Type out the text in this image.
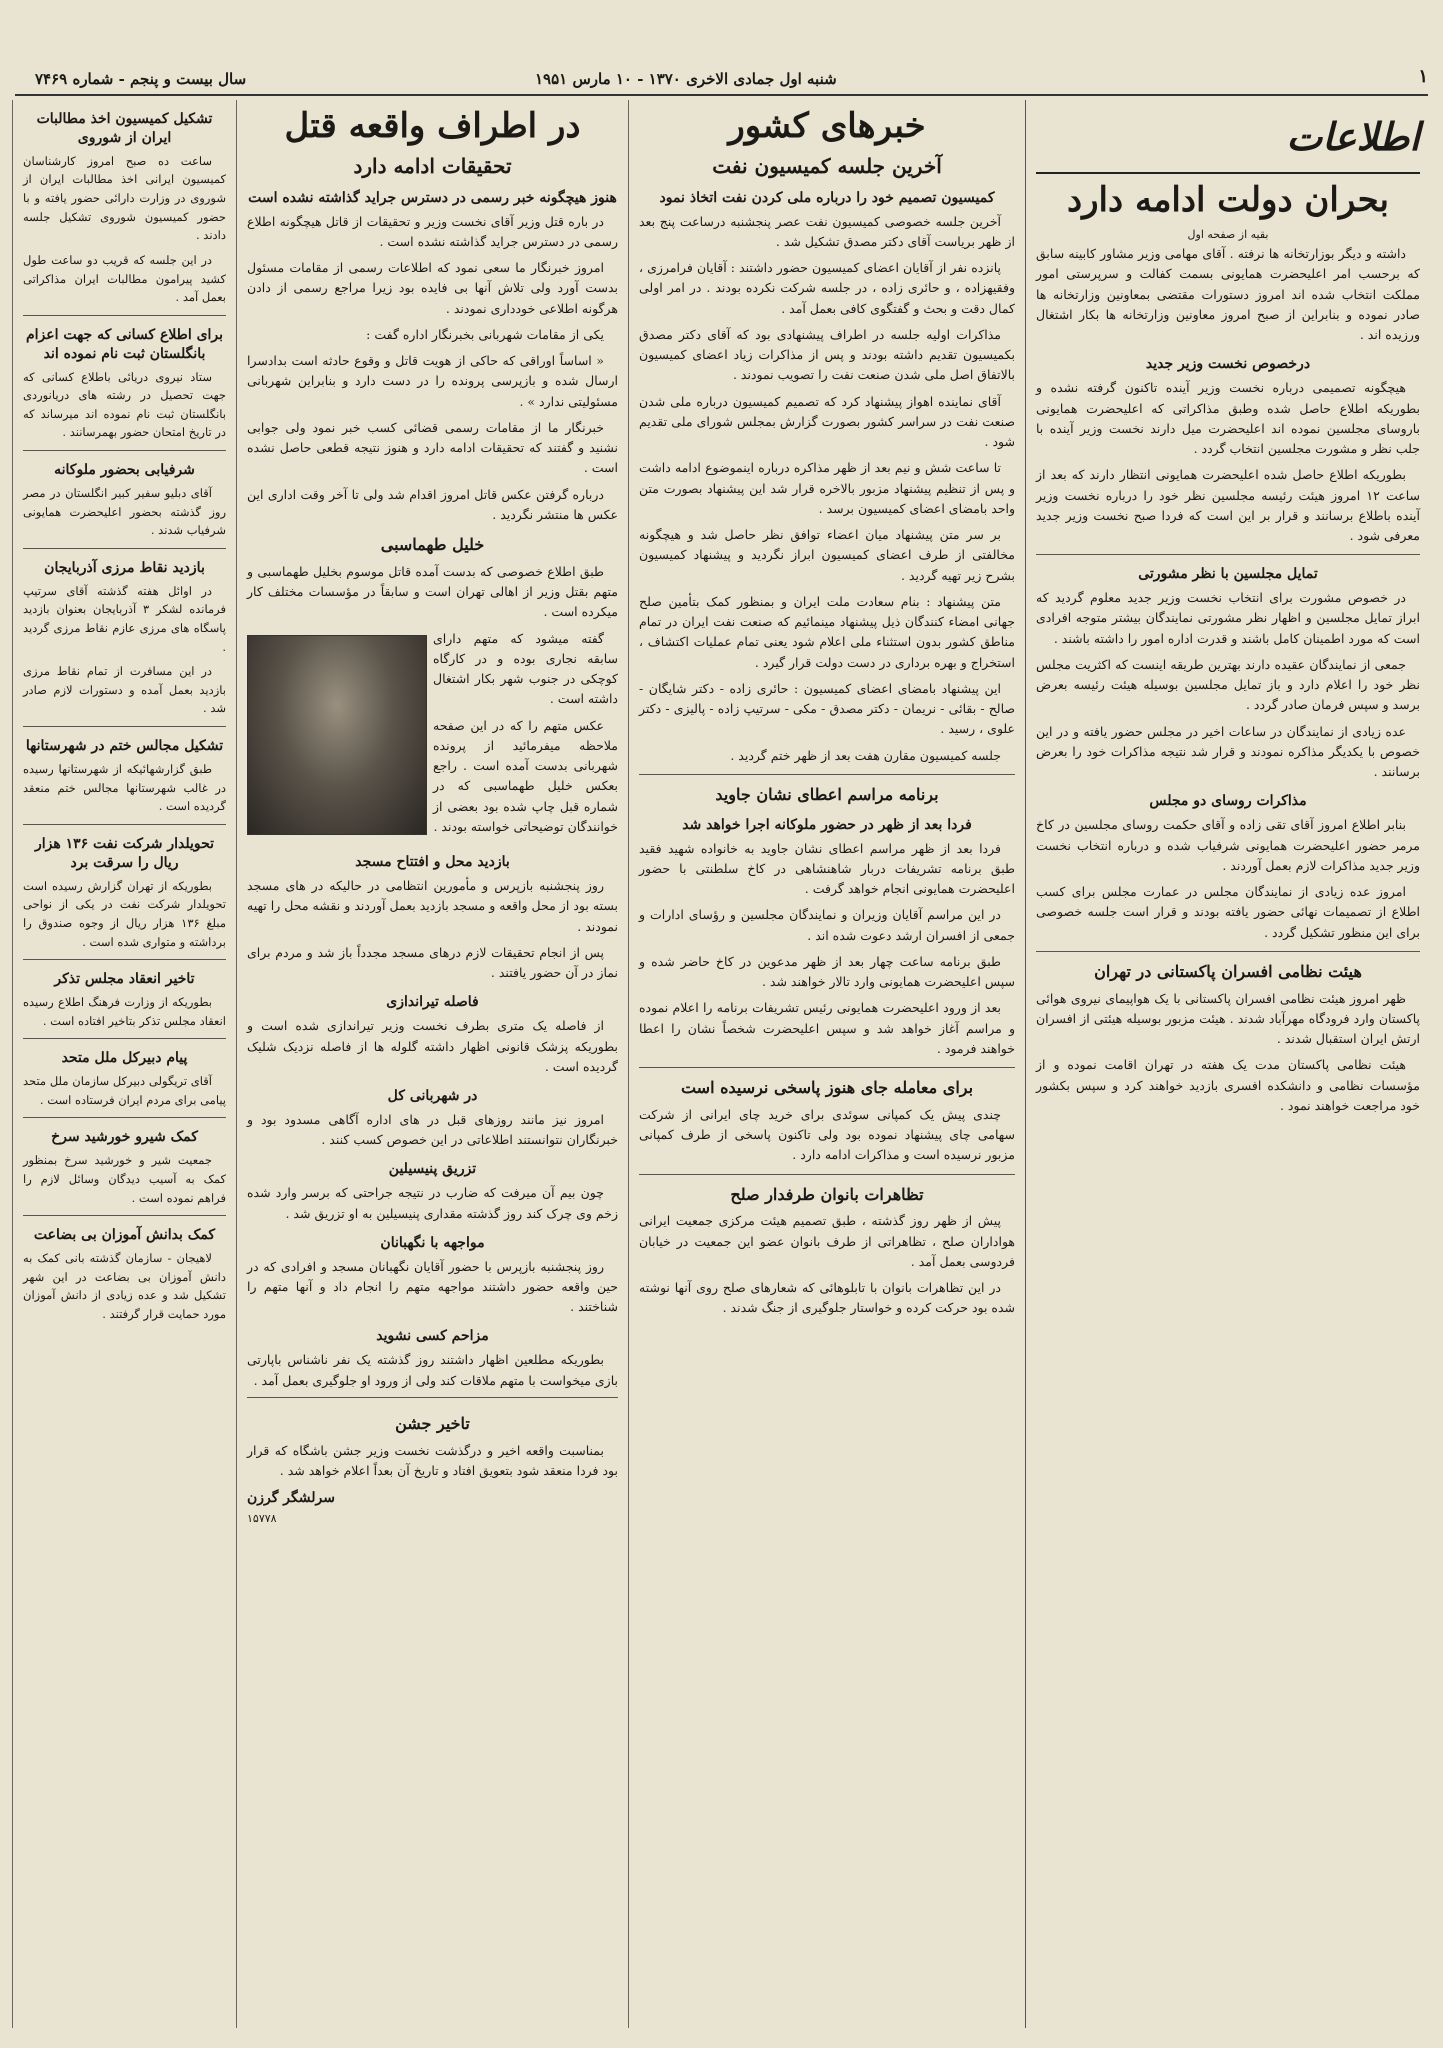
۱
شنبه اول جمادی الاخری ۱۳۷۰ - ۱۰ مارس ۱۹۵۱
سال بیست و پنجم - شماره ۷۴۶۹
اطلاعات
بحران دولت ادامه دارد
بقیه از صفحه اول

داشته و دیگر بوزارتخانه ها نرفته . آقای مهامی وزیر مشاور کابینه سابق که برحسب امر اعلیحضرت همایونی بسمت کفالت و سرپرستی امور مملکت انتخاب شده اند امروز دستورات مقتضی بمعاونین وزارتخانه ها صادر نموده و بنابراین از صبح امروز معاونین وزارتخانه ها بکار اشتغال ورزیده اند .

درخصوص نخست وزیر جدید

هیچگونه تصمیمی درباره نخست وزیر آینده تاکنون گرفته نشده و بطوریکه اطلاع حاصل شده وطبق مذاکراتی که اعلیحضرت همایونی باروسای مجلسین نموده اند اعلیحضرت میل دارند نخست وزیر آینده با جلب نظر و مشورت مجلسین انتخاب گردد .

بطوریکه اطلاع حاصل شده اعلیحضرت همایونی انتظار دارند که بعد از ساعت ۱۲ امروز هیئت رئیسه مجلسین نظر خود را درباره نخست وزیر آینده باطلاع برسانند و قرار بر این است که فردا صبح نخست وزیر جدید معرفی شود .

تمایل مجلسین با نظر مشورتی

در خصوص مشورت برای انتخاب نخست وزیر جدید معلوم گردید که ابراز تمایل مجلسین و اظهار نظر مشورتی نمایندگان بیشتر متوجه افرادی است که مورد اطمینان کامل باشند و قدرت اداره امور را داشته باشند .

جمعی از نمایندگان عقیده دارند بهترین طریقه اینست که اکثریت مجلس نظر خود را اعلام دارد و باز تمایل مجلسین بوسیله هیئت رئیسه بعرض برسد و سپس فرمان صادر گردد .

عده زیادی از نمایندگان در ساعات اخیر در مجلس حضور یافته و در این خصوص با یکدیگر مذاکره نمودند و قرار شد نتیجه مذاکرات خود را بعرض برسانند .

مذاکرات روسای دو مجلس

بنابر اطلاع امروز آقای تقی زاده و آقای حکمت روسای مجلسین در کاخ مرمر حضور اعلیحضرت همایونی شرفیاب شده و درباره انتخاب نخست وزیر جدید مذاکرات لازم بعمل آوردند .

امروز عده زیادی از نمایندگان مجلس در عمارت مجلس برای کسب اطلاع از تصمیمات نهائی حضور یافته بودند و قرار است جلسه خصوصی برای این منظور تشکیل گردد .

هیئت نظامی افسران پاکستانی در تهران

ظهر امروز هیئت نظامی افسران پاکستانی با یک هواپیمای نیروی هوائی پاکستان وارد فرودگاه مهرآباد شدند . هیئت مزبور بوسیله هیئتی از افسران ارتش ایران استقبال شدند .

هیئت نظامی پاکستان مدت یک هفته در تهران اقامت نموده و از مؤسسات نظامی و دانشکده افسری بازدید خواهند کرد و سپس بکشور خود مراجعت خواهند نمود .

خبرهای کشور
آخرین جلسه کمیسیون نفت
کمیسیون تصمیم خود را درباره ملی کردن نفت اتخاذ نمود

آخرین جلسه خصوصی کمیسیون نفت عصر پنجشنبه درساعت پنج بعد از ظهر بریاست آقای دکتر مصدق تشکیل شد .

پانزده نفر از آقایان اعضای کمیسیون حضور داشتند : آقایان فرامرزی ، وفقیهزاده ، و حائری زاده ، در جلسه شرکت نکرده بودند . در امر اولی کمال دقت و بحث و گفتگوی کافی بعمل آمد .

مذاکرات اولیه جلسه در اطراف پیشنهادی بود که آقای دکتر مصدق بکمیسیون تقدیم داشته بودند و پس از مذاکرات زیاد اعضای کمیسیون بالاتفاق اصل ملی شدن صنعت نفت را تصویب نمودند .

آقای نماینده اهواز پیشنهاد کرد که تصمیم کمیسیون درباره ملی شدن صنعت نفت در سراسر کشور بصورت گزارش بمجلس شورای ملی تقدیم شود .

تا ساعت شش و نیم بعد از ظهر مذاکره درباره اینموضوع ادامه داشت و پس از تنظیم پیشنهاد مزبور بالاخره قرار شد این پیشنهاد بصورت متن واحد بامضای اعضای کمیسیون برسد .

بر سر متن پیشنهاد میان اعضاء توافق نظر حاصل شد و هیچگونه مخالفتی از طرف اعضای کمیسیون ابراز نگردید و پیشنهاد کمیسیون بشرح زیر تهیه گردید .

متن پیشنهاد : بنام سعادت ملت ایران و بمنظور کمک بتأمین صلح جهانی امضاء کنندگان ذیل پیشنهاد مینمائیم که صنعت نفت ایران در تمام مناطق کشور بدون استثناء ملی اعلام شود یعنی تمام عملیات اکتشاف ، استخراج و بهره برداری در دست دولت قرار گیرد .

این پیشنهاد بامضای اعضای کمیسیون : حائری زاده - دکتر شایگان - صالح - بقائی - نریمان - دکتر مصدق - مکی - سرتیپ زاده - پالیزی - دکتر علوی ، رسید .

جلسه کمیسیون مقارن هفت بعد از ظهر ختم گردید .

برنامه مراسم اعطای نشان جاوید
فردا بعد از ظهر در حضور ملوکانه اجرا خواهد شد

فردا بعد از ظهر مراسم اعطای نشان جاوید به خانواده شهید فقید طبق برنامه تشریفات دربار شاهنشاهی در کاخ سلطنتی با حضور اعلیحضرت همایونی انجام خواهد گرفت .

در این مراسم آقایان وزیران و نمایندگان مجلسین و رؤسای ادارات و جمعی از افسران ارشد دعوت شده اند .

طبق برنامه ساعت چهار بعد از ظهر مدعوین در کاخ حاضر شده و سپس اعلیحضرت همایونی وارد تالار خواهند شد .

بعد از ورود اعلیحضرت همایونی رئیس تشریفات برنامه را اعلام نموده و مراسم آغاز خواهد شد و سپس اعلیحضرت شخصاً نشان را اعطا خواهند فرمود .

برای معامله جای هنوز پاسخی نرسیده است

چندی پیش یک کمپانی سوئدی برای خرید چای ایرانی از شرکت سهامی چای پیشنهاد نموده بود ولی تاکنون پاسخی از طرف کمپانی مزبور نرسیده است و مذاکرات ادامه دارد .

تظاهرات بانوان طرفدار صلح

پیش از ظهر روز گذشته ، طبق تصمیم هیئت مرکزی جمعیت ایرانی هواداران صلح ، تظاهراتی از طرف بانوان عضو این جمعیت در خیابان فردوسی بعمل آمد .

در این تظاهرات بانوان با تابلوهائی که شعارهای صلح روی آنها نوشته شده بود حرکت کرده و خواستار جلوگیری از جنگ شدند .

در اطراف واقعه قتل
تحقیقات ادامه دارد
هنوز هیچگونه خبر رسمی در دسترس جراید گذاشته نشده است

در باره قتل وزیر آقای نخست وزیر و تحقیقات از قاتل هیچگونه اطلاع رسمی در دسترس جراید گذاشته نشده است .

امروز خبرنگار ما سعی نمود که اطلاعات رسمی از مقامات مسئول بدست آورد ولی تلاش آنها بی فایده بود زیرا مراجع رسمی از دادن هرگونه اطلاعی خودداری نمودند .

یکی از مقامات شهربانی بخبرنگار اداره گفت :

« اساساً اوراقی که حاکی از هویت قاتل و وقوع حادثه است بدادسرا ارسال شده و بازپرسی پرونده را در دست دارد و بنابراین شهربانی مسئولیتی ندارد » .

خبرنگار ما از مقامات رسمی قضائی کسب خبر نمود ولی جوابی نشنید و گفتند که تحقیقات ادامه دارد و هنوز نتیجه قطعی حاصل نشده است .

درباره گرفتن عکس قاتل امروز اقدام شد ولی تا آخر وقت اداری این عکس ها منتشر نگردید .

خلیل طهماسبی

طبق اطلاع خصوصی که بدست آمده قاتل موسوم بخلیل طهماسبی و متهم بقتل وزیر از اهالی تهران است و سابقاً در مؤسسات مختلف کار میکرده است .

گفته میشود که متهم دارای سابقه نجاری بوده و در کارگاه کوچکی در جنوب شهر بکار اشتغال داشته است .

عکس متهم را که در این صفحه ملاحظه میفرمائید از پرونده شهربانی بدست آمده است . راجع بعکس خلیل طهماسبی که در شماره قبل چاپ شده بود بعضی از خوانندگان توضیحاتی خواسته بودند .

بازدید محل و افتتاح مسجد

روز پنجشنبه بازپرس و مأمورین انتظامی در حالیکه در های مسجد بسته بود از محل واقعه و مسجد بازدید بعمل آوردند و نقشه محل را تهیه نمودند .

پس از انجام تحقیقات لازم درهای مسجد مجدداً باز شد و مردم برای نماز در آن حضور یافتند .

فاصله تیراندازی

از فاصله یک متری بطرف نخست وزیر تیراندازی شده است و بطوریکه پزشک قانونی اظهار داشته گلوله ها از فاصله نزدیک شلیک گردیده است .

در شهربانی کل

امروز نیز مانند روزهای قبل در های اداره آگاهی مسدود بود و خبرنگاران نتوانستند اطلاعاتی در این خصوص کسب کنند .

تزریق پنیسیلین

چون بیم آن میرفت که ضارب در نتیجه جراحتی که برسر وارد شده زخم وی چرک کند روز گذشته مقداری پنیسیلین به او تزریق شد .

مواجهه با نگهبانان

روز پنجشنبه بازپرس با حضور آقایان نگهبانان مسجد و افرادی که در حین واقعه حضور داشتند مواجهه متهم را انجام داد و آنها متهم را شناختند .

مزاحم کسی نشوید

بطوریکه مطلعین اظهار داشتند روز گذشته یک نفر ناشناس باپارتی بازی میخواست با متهم ملاقات کند ولی از ورود او جلوگیری بعمل آمد .

تاخیر جشن

بمناسبت واقعه اخیر و درگذشت نخست وزیر جشن باشگاه که قرار بود فردا منعقد شود بتعویق افتاد و تاریخ آن بعداً اعلام خواهد شد .

سرلشگر گرزن
۱۵۷۷۸
تشکیل کمیسیون اخذ مطالبات ایران از شوروی

ساعت ده صبح امروز کارشناسان کمیسیون ایرانی اخذ مطالبات ایران از شوروی در وزارت دارائی حضور یافته و با حضور کمیسیون شوروی تشکیل جلسه دادند .

در این جلسه که قریب دو ساعت طول کشید پیرامون مطالبات ایران مذاکراتی بعمل آمد .

برای اطلاع کسانی که جهت اعزام بانگلستان ثبت نام نموده اند

ستاد نیروی دریائی باطلاع کسانی که جهت تحصیل در رشته های دریانوردی بانگلستان ثبت نام نموده اند میرساند که در تاریخ امتحان حضور بهمرسانند .

شرفیابی بحضور ملوکانه

آقای دبلیو سفیر کبیر انگلستان در مصر روز گذشته بحضور اعلیحضرت همایونی شرفیاب شدند .

بازدید نقاط مرزی آذربایجان

در اوائل هفته گذشته آقای سرتیپ فرمانده لشکر ۳ آذربایجان بعنوان بازدید پاسگاه های مرزی عازم نقاط مرزی گردید .

در این مسافرت از تمام نقاط مرزی بازدید بعمل آمده و دستورات لازم صادر شد .

تشکیل مجالس ختم در شهرستانها

طبق گزارشهائیکه از شهرستانها رسیده در غالب شهرستانها مجالس ختم منعقد گردیده است .

تحویلدار شرکت نفت ۱۳۶ هزار ریال را سرقت برد

بطوریکه از تهران گزارش رسیده است تحویلدار شرکت نفت در یکی از نواحی مبلغ ۱۳۶ هزار ریال از وجوه صندوق را برداشته و متواری شده است .

تاخیر انعقاد مجلس تذکر

بطوریکه از وزارت فرهنگ اطلاع رسیده انعقاد مجلس تذکر بتاخیر افتاده است .

پیام دبیرکل ملل متحد

آقای تریگولی دبیرکل سازمان ملل متحد پیامی برای مردم ایران فرستاده است .

کمک شیرو خورشید سرخ

جمعیت شیر و خورشید سرخ بمنظور کمک به آسیب دیدگان وسائل لازم را فراهم نموده است .

کمک بدانش آموزان بی بضاعت

لاهیجان - سازمان گذشته بانی کمک به دانش آموزان بی بضاعت در این شهر تشکیل شد و عده زیادی از دانش آموزان مورد حمایت قرار گرفتند .
